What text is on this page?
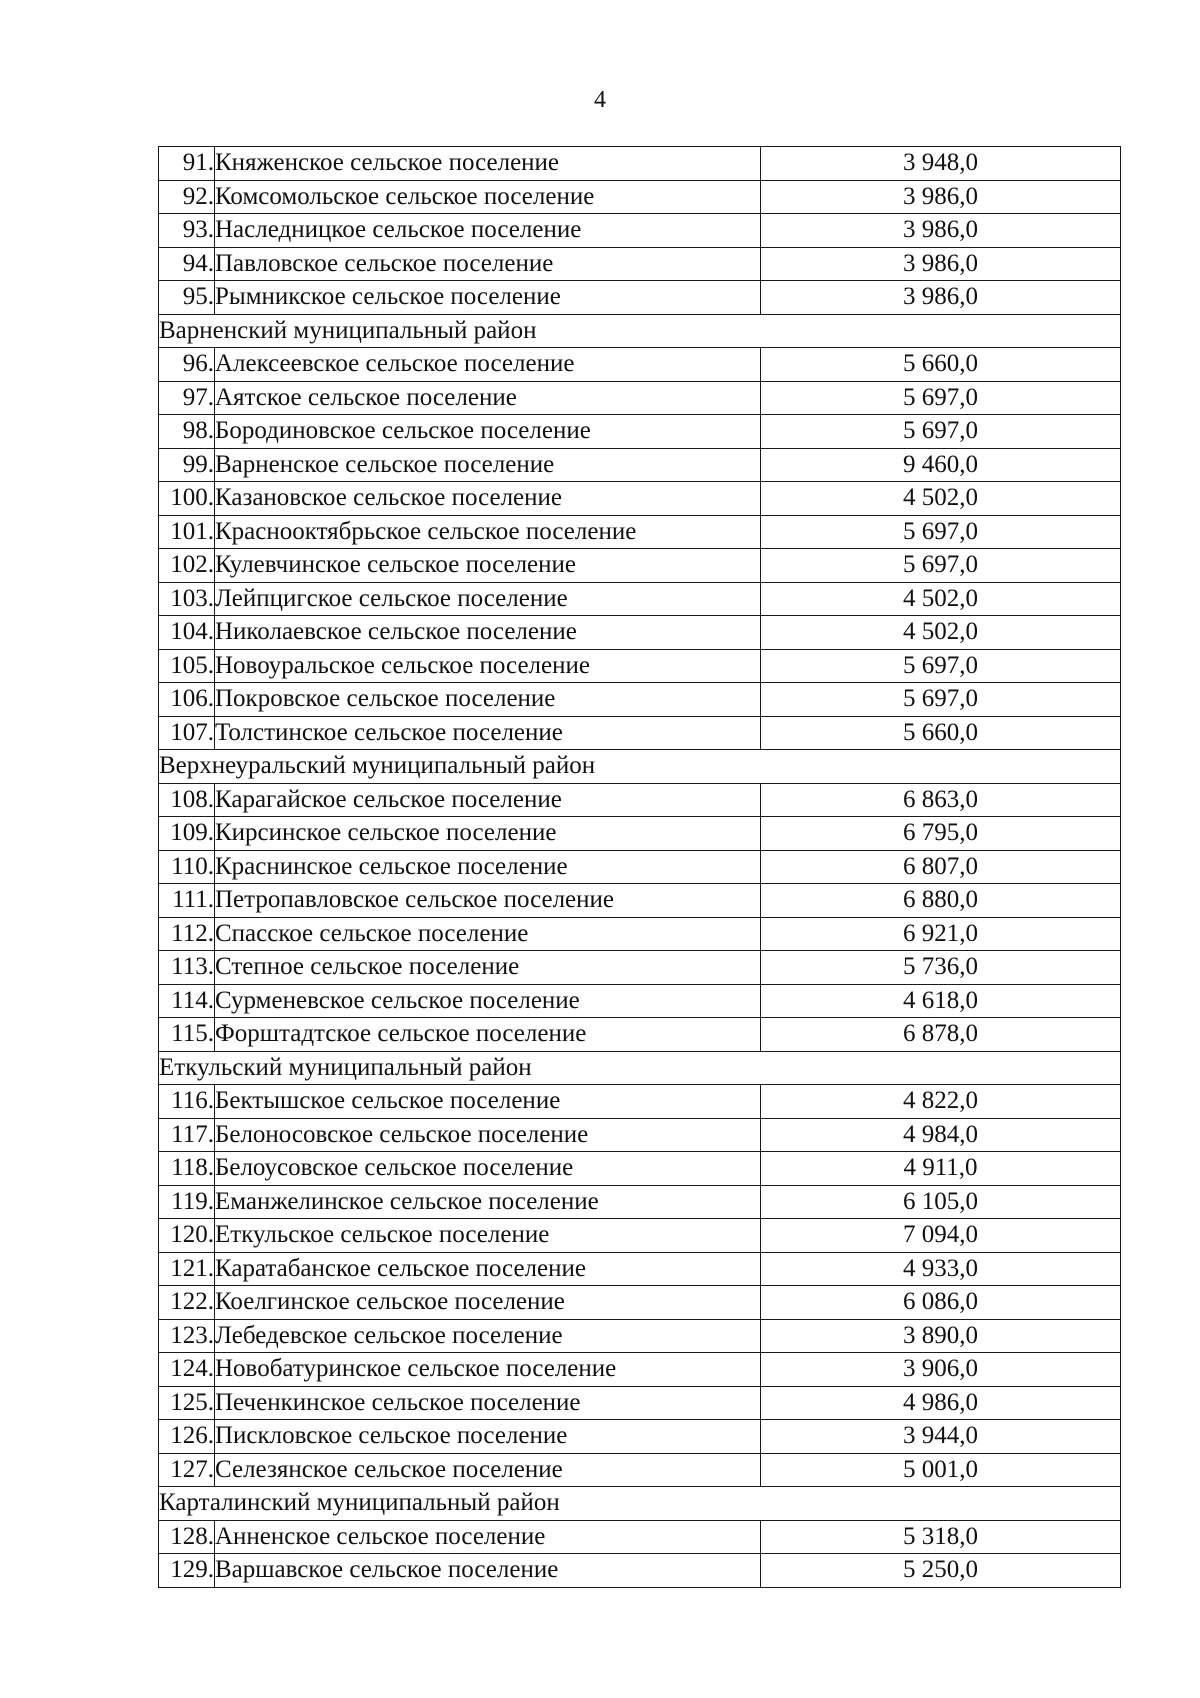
4
91.	Княженское сельское поселение	3 948,0
92.	Комсомольское сельское поселение	3 986,0
93.	Наследницкое сельское поселение	3 986,0
94.	Павловское сельское поселение	3 986,0
95.	Рымникское сельское поселение	3 986,0
Варненский муниципальный район		
96.	Алексеевское сельское поселение	5 660,0
97.	Аятское сельское поселение	5 697,0
98.	Бородиновское сельское поселение	5 697,0
99.	Варненское сельское поселение	9 460,0
100.	Казановское сельское поселение	4 502,0
101.	Краснооктябрьское сельское поселение	5 697,0
102.	Кулевчинское сельское поселение	5 697,0
103.	Лейпцигское сельское поселение	4 502,0
104.	Николаевское сельское поселение	4 502,0
105.	Новоуральское сельское поселение	5 697,0
106.	Покровское сельское поселение	5 697,0
107.	Толстинское сельское поселение	5 660,0
Верхнеуральский муниципальный район		
108.	Карагайское сельское поселение	6 863,0
109.	Кирсинское сельское поселение	6 795,0
110.	Краснинское сельское поселение	6 807,0
111.	Петропавловское сельское поселение	6 880,0
112.	Спасское сельское поселение	6 921,0
113.	Степное сельское поселение	5 736,0
114.	Сурменевское сельское поселение	4 618,0
115.	Форштадтское сельское поселение	6 878,0
Еткульский муниципальный район		
116.	Бектышское сельское поселение	4 822,0
117.	Белоносовское сельское поселение	4 984,0
118.	Белоусовское сельское поселение	4 911,0
119.	Еманжелинское сельское поселение	6 105,0
120.	Еткульское сельское поселение	7 094,0
121.	Каратабанское сельское поселение	4 933,0
122.	Коелгинское сельское поселение	6 086,0
123.	Лебедевское сельское поселение	3 890,0
124.	Новобатуринское сельское поселение	3 906,0
125.	Печенкинское сельское поселение	4 986,0
126.	Писклoвское сельское поселение	3 944,0
127.	Селезянское сельское поселение	5 001,0
Карталинский муниципальный район		
128.	Анненское сельское поселение	5 318,0
129.	Варшавское сельское поселение	5 250,0
